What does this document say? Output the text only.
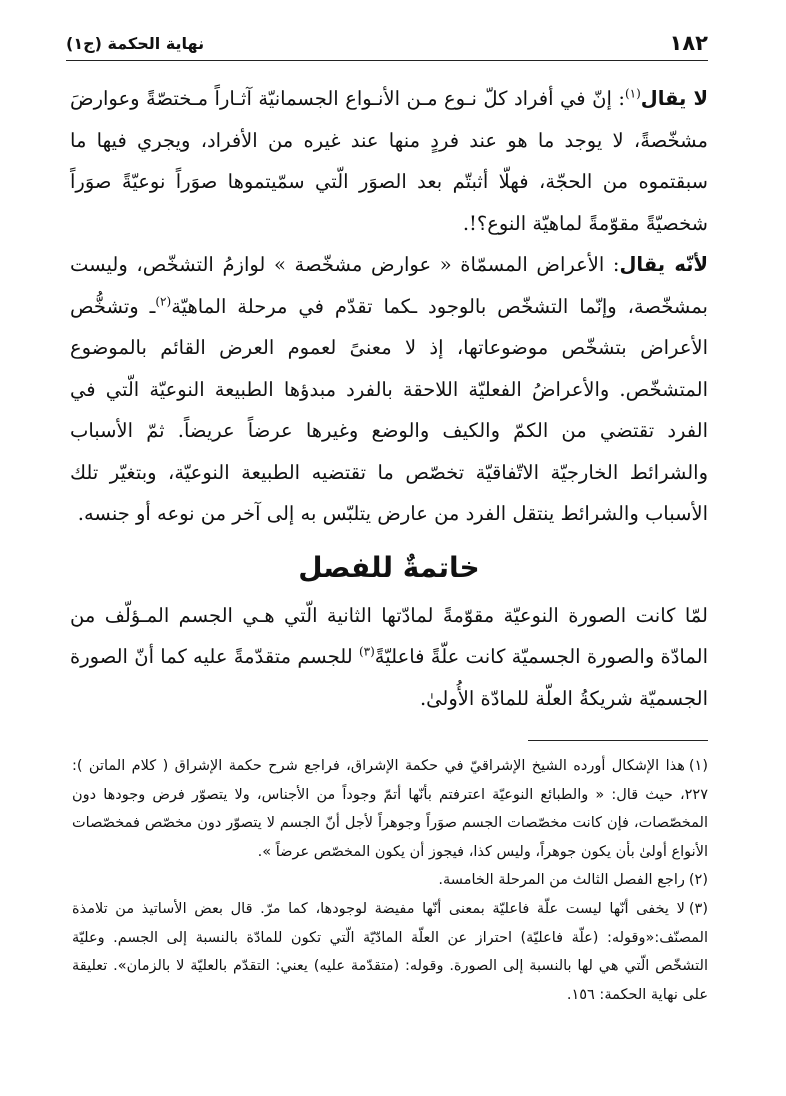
١٨٢
نهاية الحكمة (ج١)

لا يقال$^{(١)}$: إنّ في أفراد كلّ نـوع مـن الأنـواع الجسمانيّة آثـاراً مـختصّةً وعوارضَ مشخّصةً، لا يوجد ما هو عند فردٍ منها عند غيره من الأفراد، ويجري فيها ما سبقتموه من الحجّة، فهلّا أثبتّم بعد الصوَر الّتي سمّيتموها صوَراً نوعيّةً صوَراً شخصيّةً مقوّمةً لماهيّة النوع؟!.

لأنّه يقال: الأعراض المسمّاة « عوارض مشخّصة » لوازمُ التشخّص، وليست بمشخّصة، وإنّما التشخّص بالوجود ـكما تقدّم في مرحلة الماهيّة$^{(٢)}$ـ وتشخُّص الأعراض بتشخّص موضوعاتها، إذ لا معنىً لعموم العرض القائم بالموضوع المتشخّص. والأعراضُ الفعليّة اللاحقة بالفرد مبدؤها الطبيعة النوعيّة الّتي في الفرد تقتضي من الكمّ والكيف والوضع وغيرها عرضاً عريضاً. ثمّ الأسباب والشرائط الخارجيّة الاتّفاقيّة تخصّص ما تقتضيه الطبيعة النوعيّة، وبتغيّر تلك الأسباب والشرائط ينتقل الفرد من عارض يتلبّس به إلى آخر من نوعه أو جنسه.

خاتمةٌ للفصل

لمّا كانت الصورة النوعيّة مقوّمةً لمادّتها الثانية الّتي هـي الجسم المـؤلّف من المادّة والصورة الجسميّة كانت علّةً فاعليّةً$^{(٣)}$ للجسم متقدّمةً عليه كما أنّ الصورة الجسميّة شريكةُ العلّة للمادّة الأُولىٰ.

(١)هذا الإشكال أورده الشيخ الإشراقيّ في حكمة الإشراق، فراجع شرح حكمة الإشراق ( كلام الماتن ): ٢٢٧، حيث قال: « والطبائع النوعيّة اعترفتم بأنّها أتمّ وجوداً من الأجناس، ولا يتصوّر فرض وجودها دون المخصّصات، فإن كانت مخصّصات الجسم صوَراً وجوهراً لأجل أنّ الجسم لا يتصوّر دون مخصّص فمخصّصات الأنواع أولىٰ بأن يكون جوهراً، وليس كذا، فيجوز أن يكون المخصّص عرضاً ».

(٢)راجع الفصل الثالث من المرحلة الخامسة.

(٣)لا يخفى أنّها ليست علّة فاعليّة بمعنى أنّها مفيضة لوجودها، كما مرّ. قال بعض الأساتيذ من تلامذة المصنّف:«وقوله: (علّة فاعليّة) احتراز عن العلّة المادّيّة الّتي تكون للمادّة بالنسبة إلى الجسم. وعليّة التشخّص الّتي هي لها بالنسبة إلى الصورة. وقوله: (متقدّمة عليه) يعني: التقدّم بالعليّة لا بالزمان». تعليقة على نهاية الحكمة: ١٥٦.
